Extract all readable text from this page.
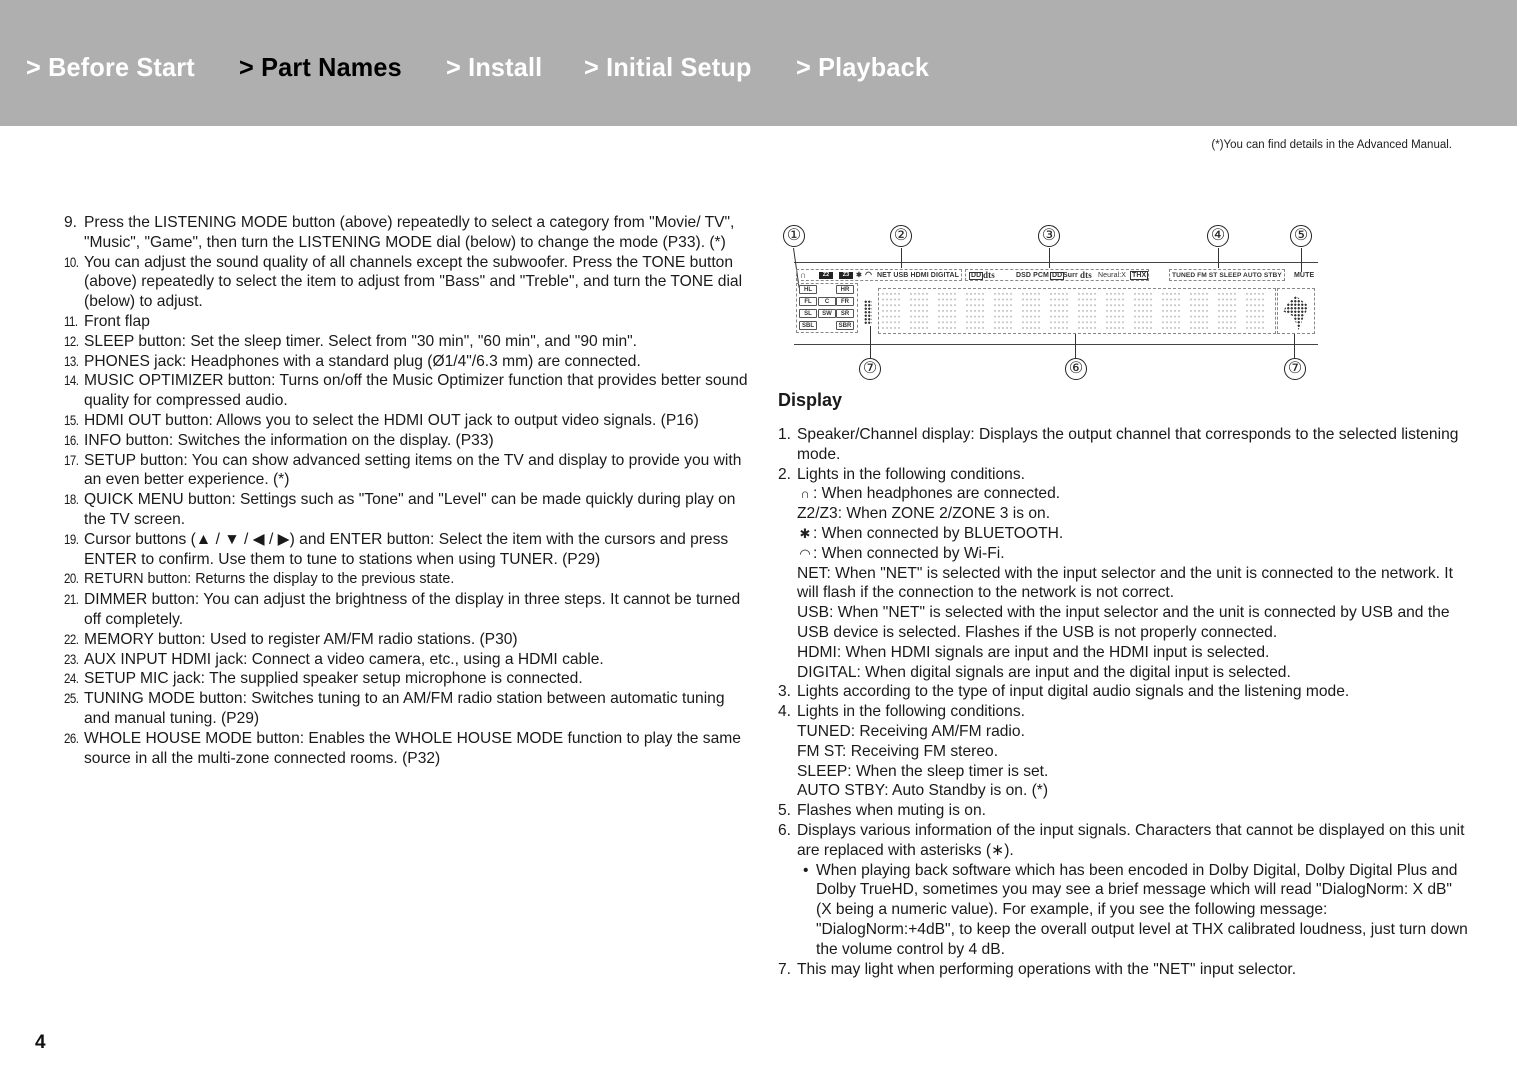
> Before Start > Part Names > Install > Initial Setup > Playback
(*)You can find details in the Advanced Manual.
9. Press the LISTENING MODE button (above) repeatedly to select a category from "Movie/ TV", "Music", "Game", then turn the LISTENING MODE dial (below) to change the mode (P33). (*)
10. You can adjust the sound quality of all channels except the subwoofer. Press the TONE button (above) repeatedly to select the item to adjust from "Bass" and "Treble", and turn the TONE dial (below) to adjust.
11. Front flap
12. SLEEP button: Set the sleep timer. Select from "30 min", "60 min", and "90 min".
13. PHONES jack: Headphones with a standard plug (Ø1/4"/6.3 mm) are connected.
14. MUSIC OPTIMIZER button: Turns on/off the Music Optimizer function that provides better sound quality for compressed audio.
15. HDMI OUT button: Allows you to select the HDMI OUT jack to output video signals. (P16)
16. INFO button: Switches the information on the display. (P33)
17. SETUP button: You can show advanced setting items on the TV and display to provide you with an even better experience. (*)
18. QUICK MENU button: Settings such as "Tone" and "Level" can be made quickly during play on the TV screen.
19. Cursor buttons (▲ / ▼ / ◀ / ▶) and ENTER button: Select the item with the cursors and press ENTER to confirm. Use them to tune to stations when using TUNER. (P29)
20. RETURN button: Returns the display to the previous state.
21. DIMMER button: You can adjust the brightness of the display in three steps. It cannot be turned off completely.
22. MEMORY button: Used to register AM/FM radio stations. (P30)
23. AUX INPUT HDMI jack: Connect a video camera, etc., using a HDMI cable.
24. SETUP MIC jack: The supplied speaker setup microphone is connected.
25. TUNING MODE button: Switches tuning to an AM/FM radio station between automatic tuning and manual tuning. (P29)
26. WHOLE HOUSE MODE button: Enables the WHOLE HOUSE MODE function to play the same source in all the multi-zone connected rooms. (P32)
①	②	③	④	⑤
∩	Z2	Z3 ✱ ◠ NET USB HDMI DIGITAL DD dts	DSD PCM DD Surr dts Neural:X THX	TUNED FM ST SLEEP AUTO STBY MUTE
HL	HR
FL	C	FR
SL	SW	SR
SBL	SBR
⑦	⑥	⑦
Display
1. Speaker/Channel display: Displays the output channel that corresponds to the selected listening mode.
2. Lights in the following conditions.
∩ : When headphones are connected.
Z2/Z3: When ZONE 2/ZONE 3 is on.
✱ : When connected by BLUETOOTH.
◠ : When connected by Wi-Fi.
NET: When "NET" is selected with the input selector and the unit is connected to the network. It will flash if the connection to the network is not correct.
USB: When "NET" is selected with the input selector and the unit is connected by USB and the USB device is selected. Flashes if the USB is not properly connected.
HDMI: When HDMI signals are input and the HDMI input is selected.
DIGITAL: When digital signals are input and the digital input is selected.
3. Lights according to the type of input digital audio signals and the listening mode.
4. Lights in the following conditions.
TUNED: Receiving AM/FM radio.
FM ST: Receiving FM stereo.
SLEEP: When the sleep timer is set.
AUTO STBY: Auto Standby is on. (*)
5. Flashes when muting is on.
6. Displays various information of the input signals. Characters that cannot be displayed on this unit are replaced with asterisks (∗).
• When playing back software which has been encoded in Dolby Digital, Dolby Digital Plus and Dolby TrueHD, sometimes you may see a brief message which will read "DialogNorm: X dB" (X being a numeric value). For example, if you see the following message: "DialogNorm:+4dB", to keep the overall output level at THX calibrated loudness, just turn down the volume control by 4 dB.
7. This may light when performing operations with the "NET" input selector.
4
